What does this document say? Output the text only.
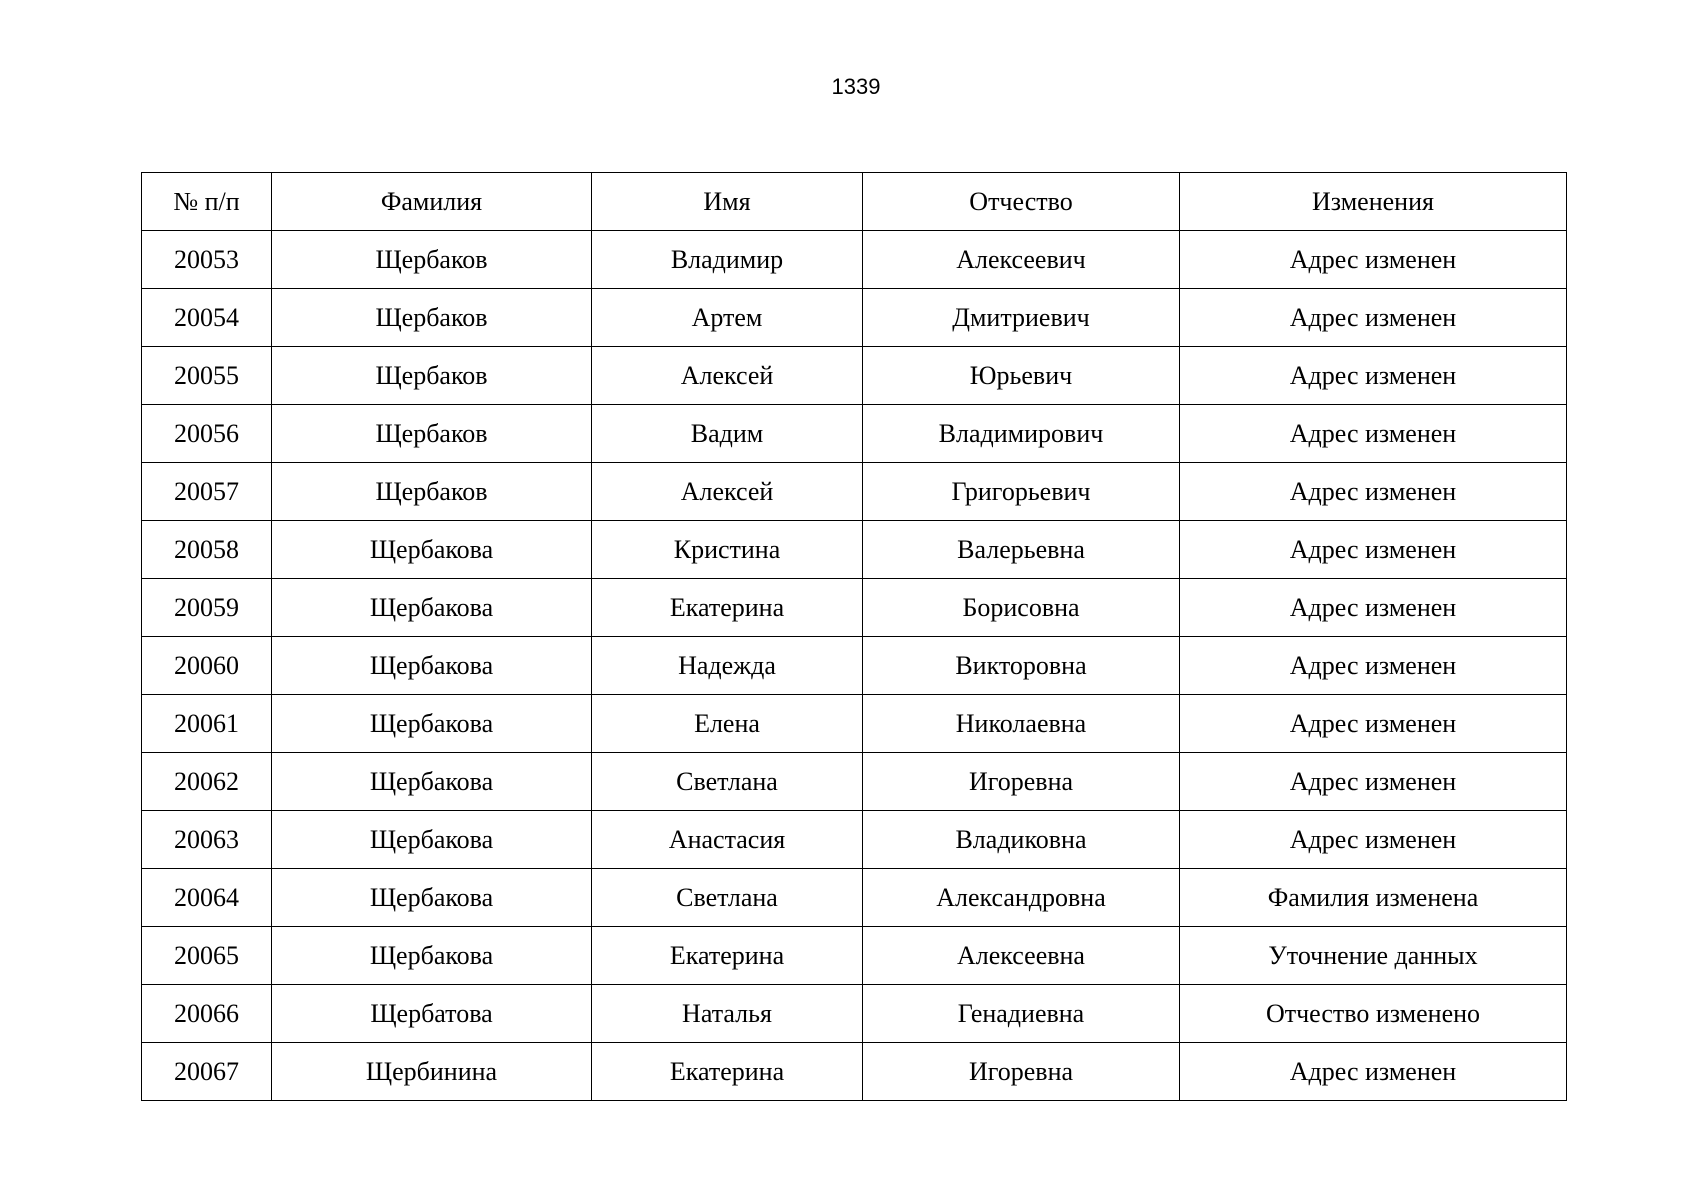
1339
№ п/п	Фамилия	Имя	Отчество	Изменения
20053	Щербаков	Владимир	Алексеевич	Адрес изменен
20054	Щербаков	Артем	Дмитриевич	Адрес изменен
20055	Щербаков	Алексей	Юрьевич	Адрес изменен
20056	Щербаков	Вадим	Владимирович	Адрес изменен
20057	Щербаков	Алексей	Григорьевич	Адрес изменен
20058	Щербакова	Кристина	Валерьевна	Адрес изменен
20059	Щербакова	Екатерина	Борисовна	Адрес изменен
20060	Щербакова	Надежда	Викторовна	Адрес изменен
20061	Щербакова	Елена	Николаевна	Адрес изменен
20062	Щербакова	Светлана	Игоревна	Адрес изменен
20063	Щербакова	Анастасия	Владиковна	Адрес изменен
20064	Щербакова	Светлана	Александровна	Фамилия изменена
20065	Щербакова	Екатерина	Алексеевна	Уточнение данных
20066	Щербатова	Наталья	Генадиевна	Отчество изменено
20067	Щербинина	Екатерина	Игоревна	Адрес изменен
